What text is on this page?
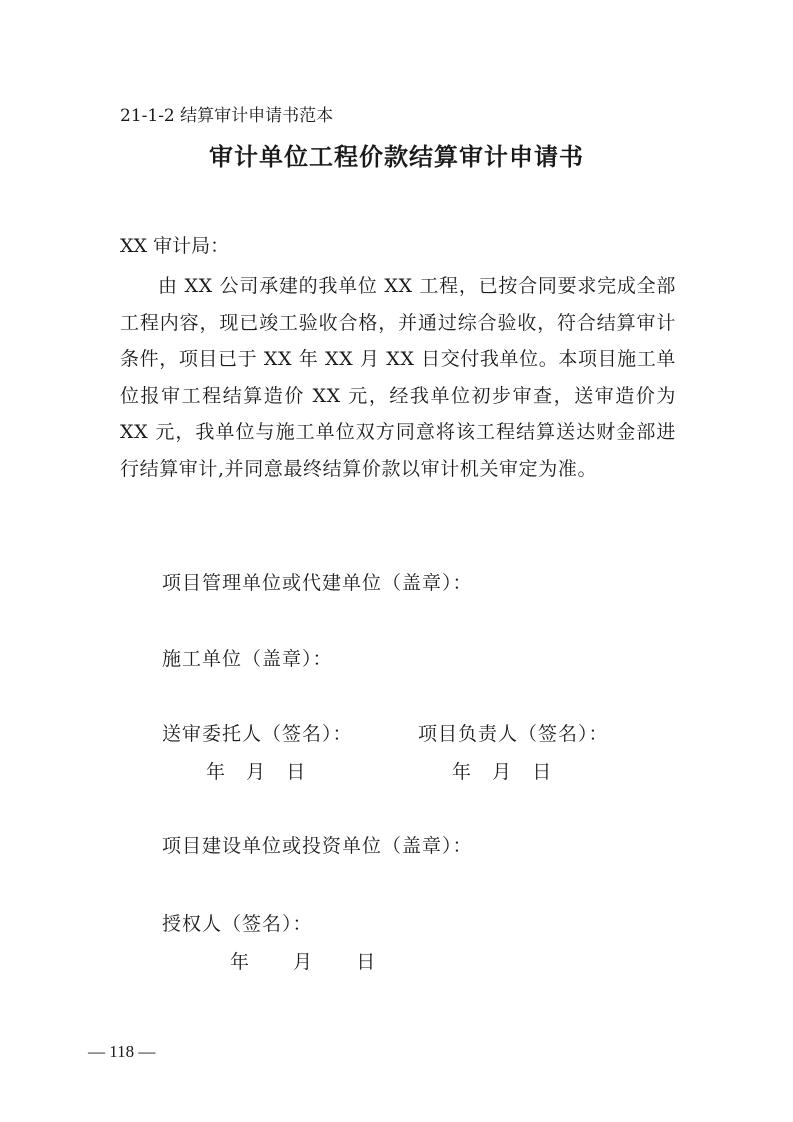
21-1-2 结算审计申请书范本
审计单位工程价款结算审计申请书
XX 审计局：
由 XX 公司承建的我单位 XX 工程，已按合同要求完成全部工程内容，现已竣工验收合格，并通过综合验收，符合结算审计条件，项目已于 XX 年 XX 月 XX 日交付我单位。本项目施工单位报审工程结算造价 XX 元，经我单位初步审查，送审造价为 XX 元，我单位与施工单位双方同意将该工程结算送达财金部进行结算审计,并同意最终结算价款以审计机关审定为准。
项目管理单位或代建单位（盖章）：
施工单位（盖章）：
送审委托人（签名）：	项目负责人（签名）：
年 月 日	年 月 日
项目建设单位或投资单位（盖章）：
授权人（签名）：
年 月 日
— 118 —
